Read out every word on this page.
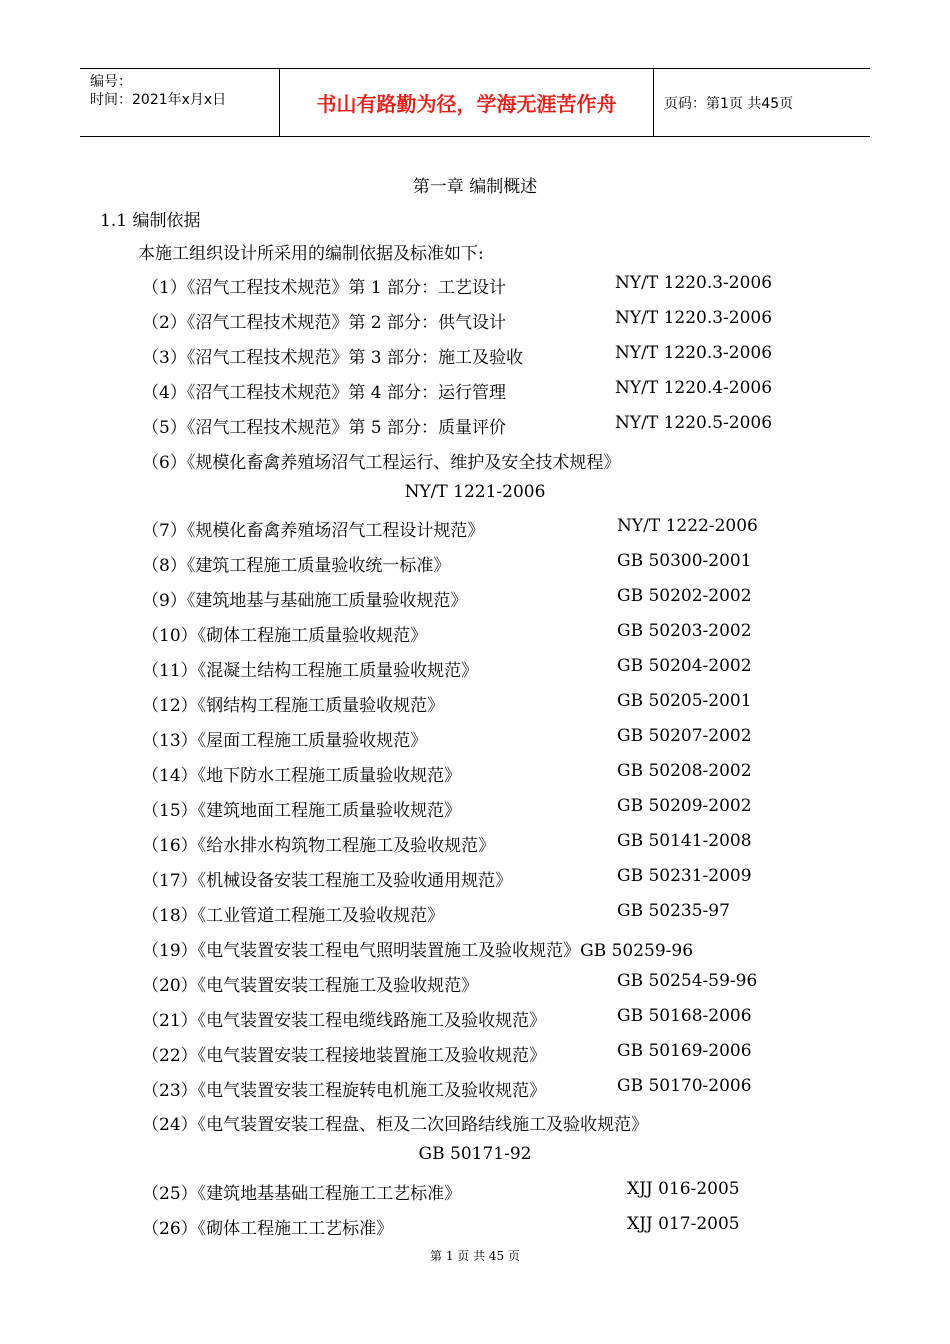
编号：
时间：2021年x月x日	书山有路勤为径，学海无涯苦作舟	页码：第1页 共45页
第一章 编制概述
1.1 编制依据
本施工组织设计所采用的编制依据及标准如下:
（1）《沼气工程技术规范》第 1 部分：工艺设计	NY/T 1220.3-2006
（2）《沼气工程技术规范》第 2 部分：供气设计	NY/T 1220.3-2006
（3）《沼气工程技术规范》第 3 部分：施工及验收	NY/T 1220.3-2006
（4）《沼气工程技术规范》第 4 部分：运行管理	NY/T 1220.4-2006
（5）《沼气工程技术规范》第 5 部分：质量评价	NY/T 1220.5-2006
（6）《规模化畜禽养殖场沼气工程运行、维护及安全技术规程》
NY/T 1221-2006
（7）《规模化畜禽养殖场沼气工程设计规范》	NY/T 1222-2006
（8）《建筑工程施工质量验收统一标准》	GB 50300-2001
（9）《建筑地基与基础施工质量验收规范》	GB 50202-2002
（10）《砌体工程施工质量验收规范》	GB 50203-2002
（11）《混凝土结构工程施工质量验收规范》	GB 50204-2002
（12）《钢结构工程施工质量验收规范》	GB 50205-2001
（13）《屋面工程施工质量验收规范》	GB 50207-2002
（14）《地下防水工程施工质量验收规范》	GB 50208-2002
（15）《建筑地面工程施工质量验收规范》	GB 50209-2002
（16）《给水排水构筑物工程施工及验收规范》	GB 50141-2008
（17）《机械设备安装工程施工及验收通用规范》	GB 50231-2009
（18）《工业管道工程施工及验收规范》	GB 50235-97
（19）《电气装置安装工程电气照明装置施工及验收规范》GB 50259-96
（20）《电气装置安装工程施工及验收规范》	GB 50254-59-96
（21）《电气装置安装工程电缆线路施工及验收规范》	GB 50168-2006
（22）《电气装置安装工程接地装置施工及验收规范》	GB 50169-2006
（23）《电气装置安装工程旋转电机施工及验收规范》	GB 50170-2006
（24）《电气装置安装工程盘、柜及二次回路结线施工及验收规范》
GB 50171-92
（25）《建筑地基基础工程施工工艺标准》	XJJ 016-2005
（26）《砌体工程施工工艺标准》	XJJ 017-2005
第 1 页 共 45 页
